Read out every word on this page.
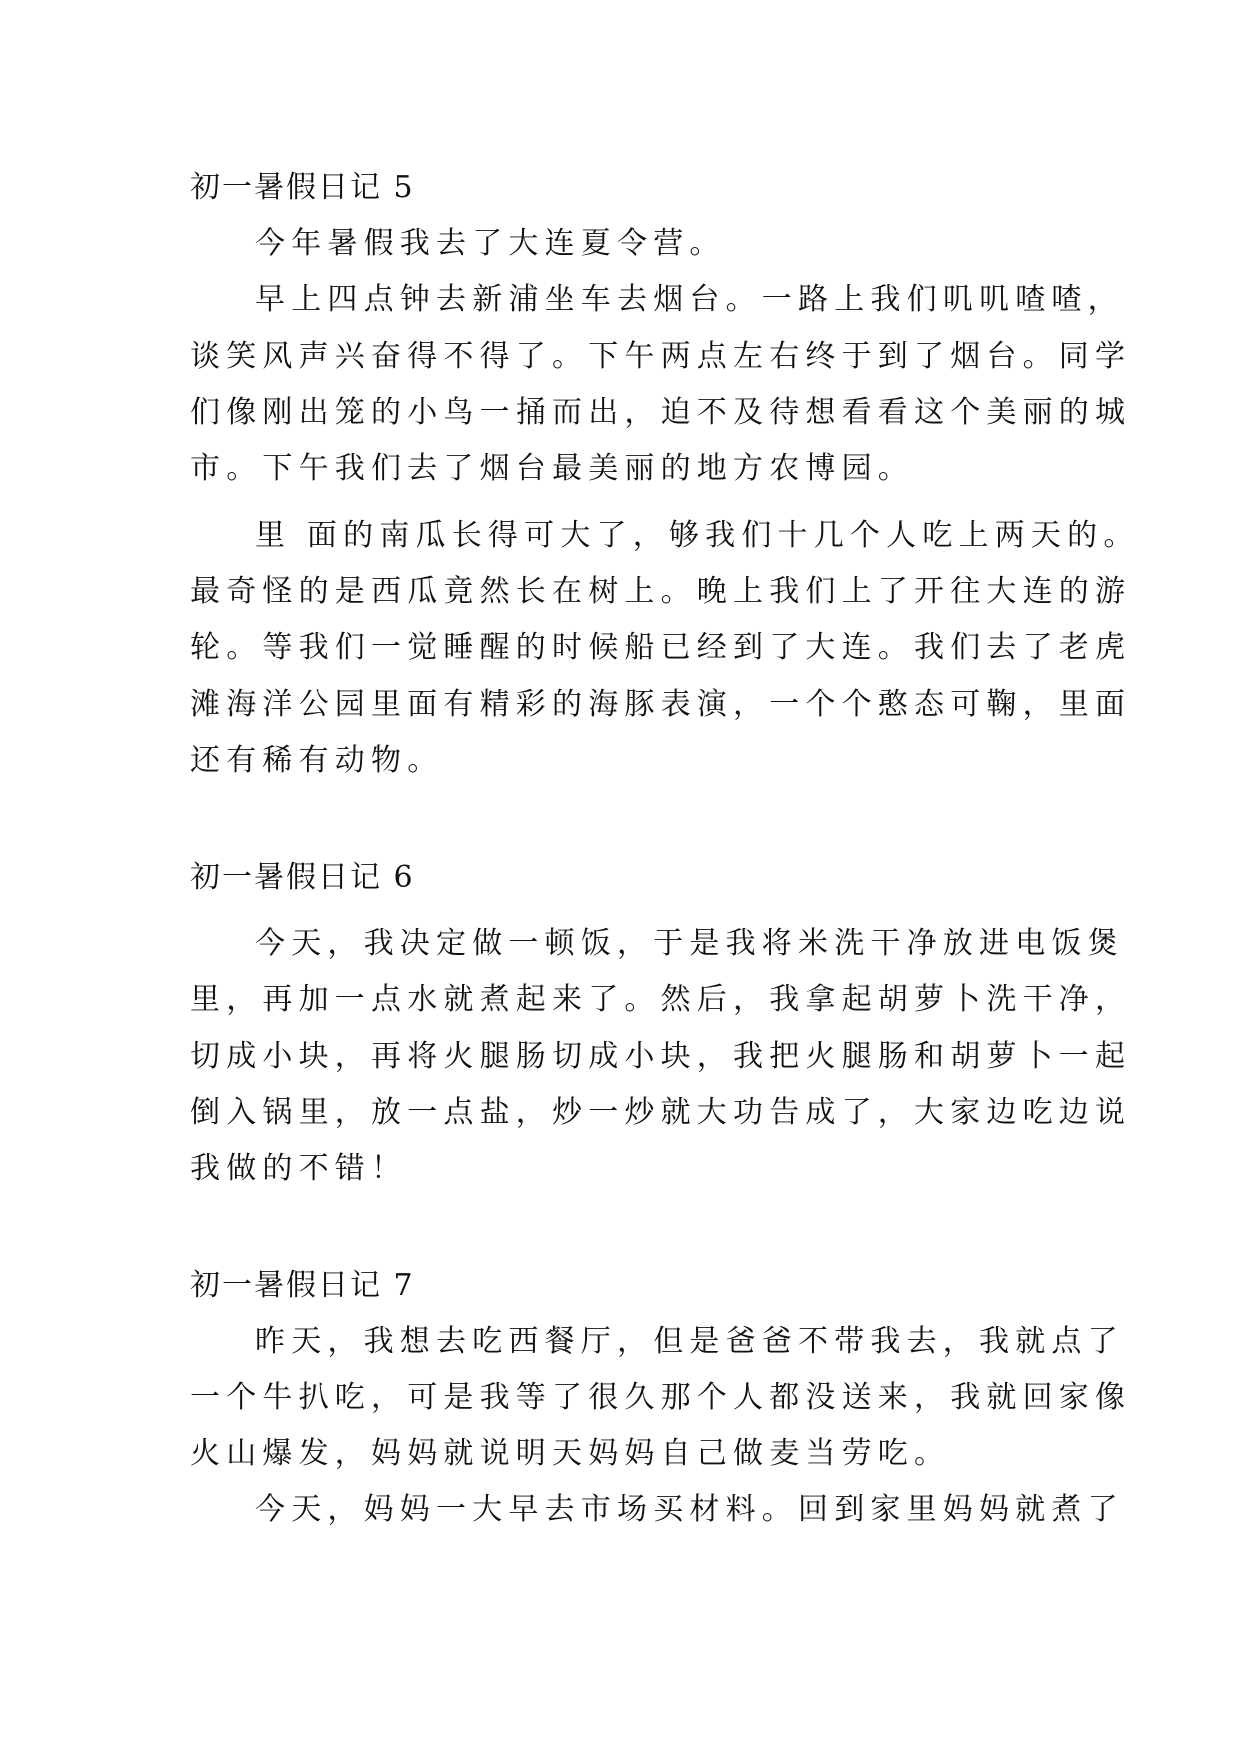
初一暑假日记 5
今年暑假我去了大连夏令营。
早上四点钟去新浦坐车去烟台。一路上我们叽叽喳喳，
谈笑风声兴奋得不得了。下午两点左右终于到了烟台。同学
们像刚出笼的小鸟一捅而出，迫不及待想看看这个美丽的城
市。下午我们去了烟台最美丽的地方农博园。
里 面的南瓜长得可大了，够我们十几个人吃上两天的。
最奇怪的是西瓜竟然长在树上。晚上我们上了开往大连的游
轮。等我们一觉睡醒的时候船已经到了大连。我们去了老虎
滩海洋公园里面有精彩的海豚表演，一个个憨态可鞠，里面
还有稀有动物。
初一暑假日记 6
今天，我决定做一顿饭，于是我将米洗干净放进电饭煲
里，再加一点水就煮起来了。然后，我拿起胡萝卜洗干净，
切成小块，再将火腿肠切成小块，我把火腿肠和胡萝卜一起
倒入锅里，放一点盐，炒一炒就大功告成了，大家边吃边说
我做的不错！
初一暑假日记 7
昨天，我想去吃西餐厅，但是爸爸不带我去，我就点了
一个牛扒吃，可是我等了很久那个人都没送来，我就回家像
火山爆发，妈妈就说明天妈妈自己做麦当劳吃。
今天，妈妈一大早去市场买材料。回到家里妈妈就煮了
